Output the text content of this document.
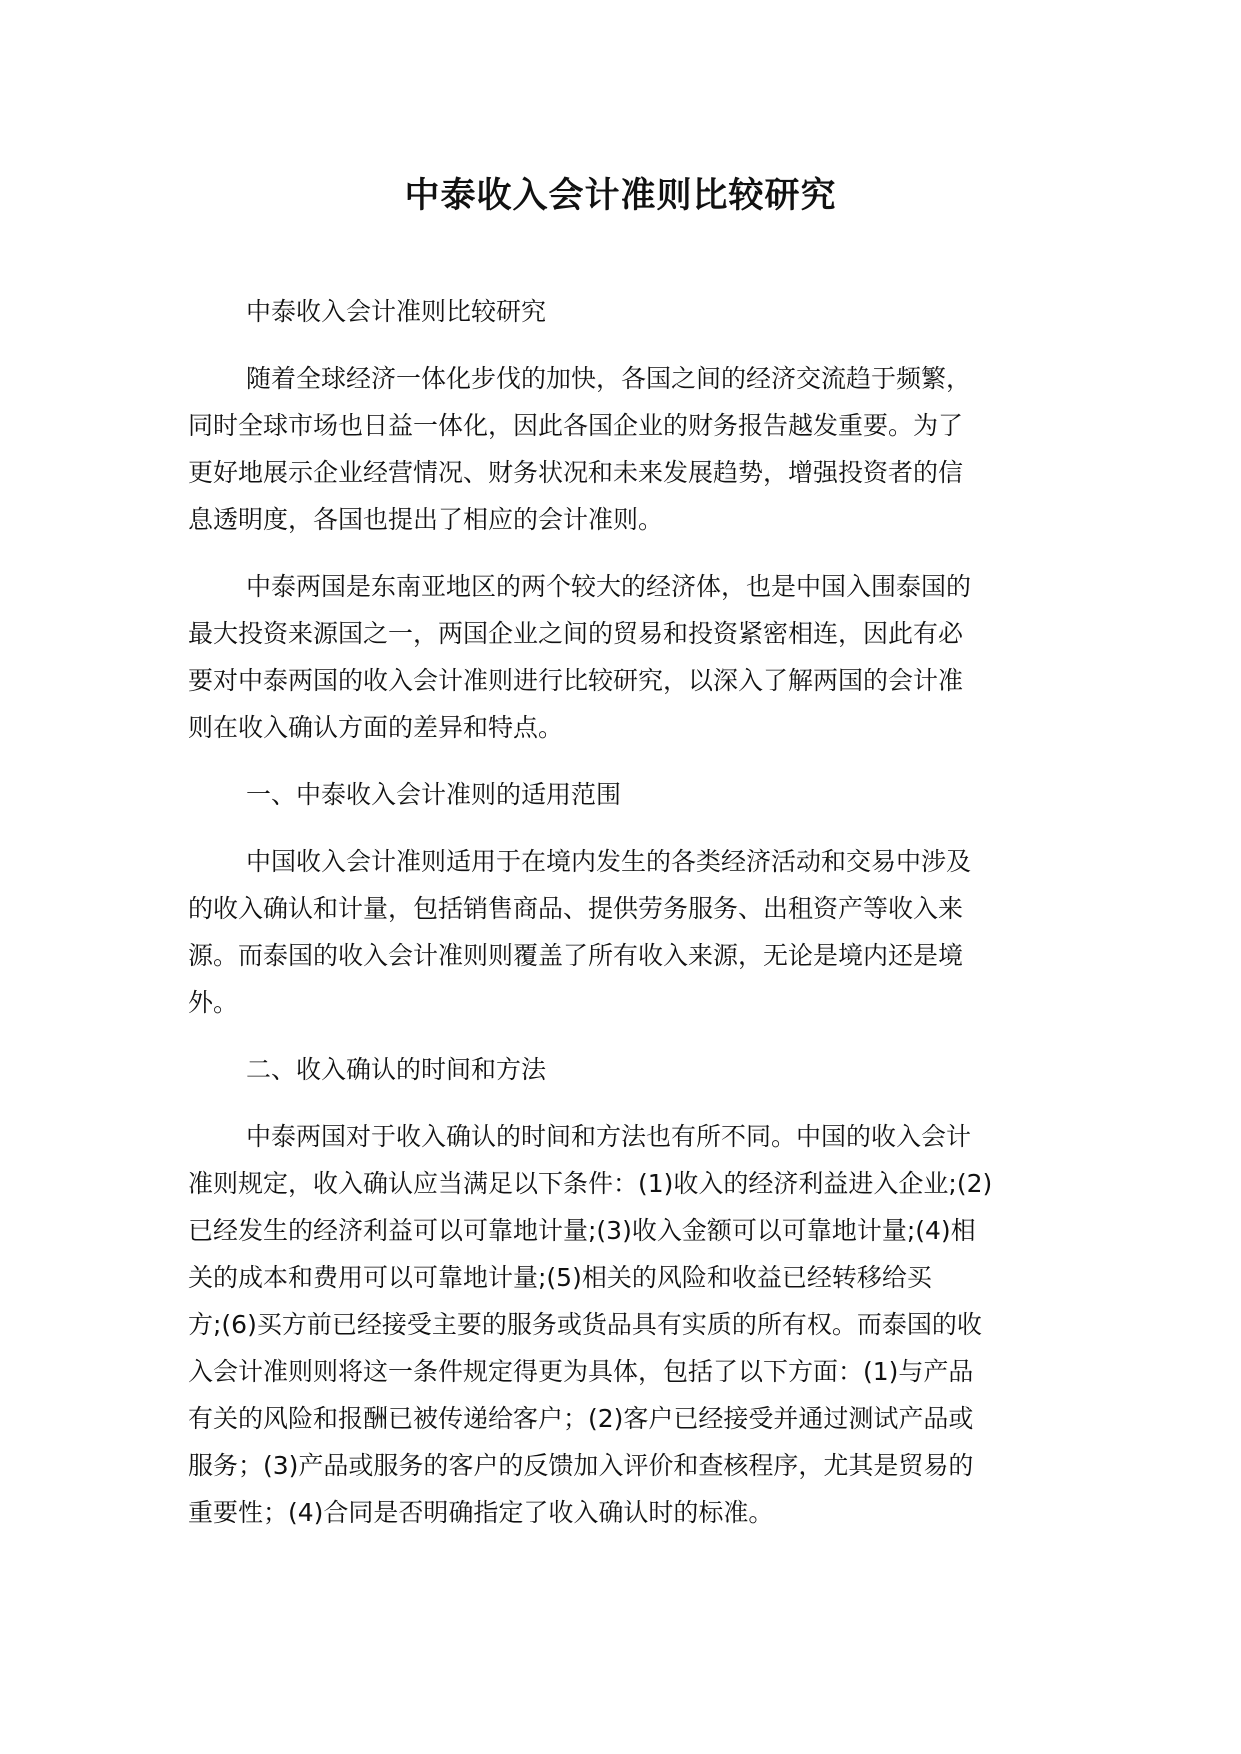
中泰收入会计准则比较研究

中泰收入会计准则比较研究

随着全球经济一体化步伐的加快，各国之间的经济交流趋于频繁，
同时全球市场也日益一体化，因此各国企业的财务报告越发重要。为了
更好地展示企业经营情况、财务状况和未来发展趋势，增强投资者的信
息透明度，各国也提出了相应的会计准则。

中泰两国是东南亚地区的两个较大的经济体，也是中国入围泰国的
最大投资来源国之一，两国企业之间的贸易和投资紧密相连，因此有必
要对中泰两国的收入会计准则进行比较研究，以深入了解两国的会计准
则在收入确认方面的差异和特点。

一、中泰收入会计准则的适用范围

中国收入会计准则适用于在境内发生的各类经济活动和交易中涉及
的收入确认和计量，包括销售商品、提供劳务服务、出租资产等收入来
源。而泰国的收入会计准则则覆盖了所有收入来源，无论是境内还是境
外。

二、收入确认的时间和方法

中泰两国对于收入确认的时间和方法也有所不同。中国的收入会计
准则规定，收入确认应当满足以下条件：(1)收入的经济利益进入企业;(2)
已经发生的经济利益可以可靠地计量;(3)收入金额可以可靠地计量;(4)相
关的成本和费用可以可靠地计量;(5)相关的风险和收益已经转移给买
方;(6)买方前已经接受主要的服务或货品具有实质的所有权。而泰国的收
入会计准则则将这一条件规定得更为具体，包括了以下方面：(1)与产品
有关的风险和报酬已被传递给客户；(2)客户已经接受并通过测试产品或
服务；(3)产品或服务的客户的反馈加入评价和查核程序，尤其是贸易的
重要性；(4)合同是否明确指定了收入确认时的标准。
